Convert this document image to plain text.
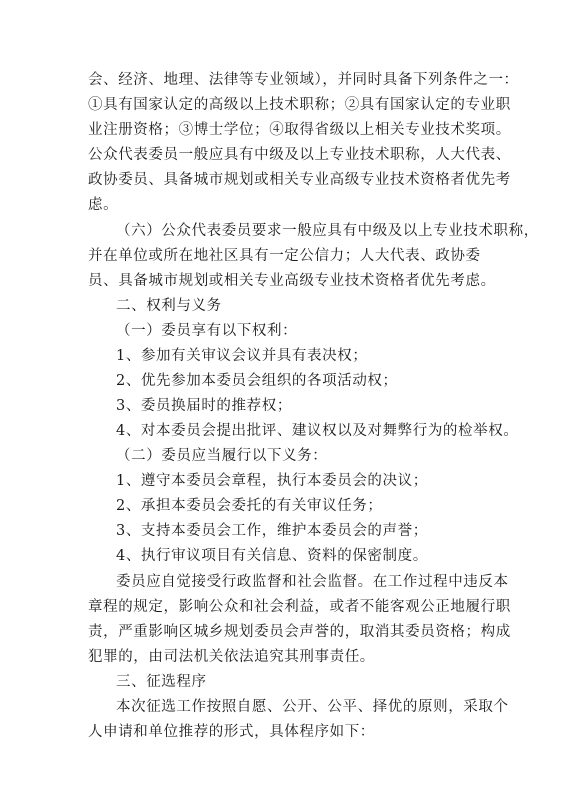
会、经济、地理、法律等专业领域），并同时具备下列条件之一：
①具有国家认定的高级以上技术职称；②具有国家认定的专业职
业注册资格；③博士学位；④取得省级以上相关专业技术奖项。
公众代表委员一般应具有中级及以上专业技术职称，人大代表、
政协委员、具备城市规划或相关专业高级专业技术资格者优先考
虑。
（六）公众代表委员要求一般应具有中级及以上专业技术职称，
并在单位或所在地社区具有一定公信力；人大代表、政协委
员、具备城市规划或相关专业高级专业技术资格者优先考虑。
二、权利与义务
（一）委员享有以下权利：
1、参加有关审议会议并具有表决权；
2、优先参加本委员会组织的各项活动权；
3、委员换届时的推荐权；
4、对本委员会提出批评、建议权以及对舞弊行为的检举权。
（二）委员应当履行以下义务：
1、遵守本委员会章程，执行本委员会的决议；
2、承担本委员会委托的有关审议任务；
3、支持本委员会工作，维护本委员会的声誉；
4、执行审议项目有关信息、资料的保密制度。
委员应自觉接受行政监督和社会监督。在工作过程中违反本
章程的规定，影响公众和社会利益，或者不能客观公正地履行职
责，严重影响区城乡规划委员会声誉的，取消其委员资格；构成
犯罪的，由司法机关依法追究其刑事责任。
三、征选程序
本次征选工作按照自愿、公开、公平、择优的原则，采取个
人申请和单位推荐的形式，具体程序如下：
